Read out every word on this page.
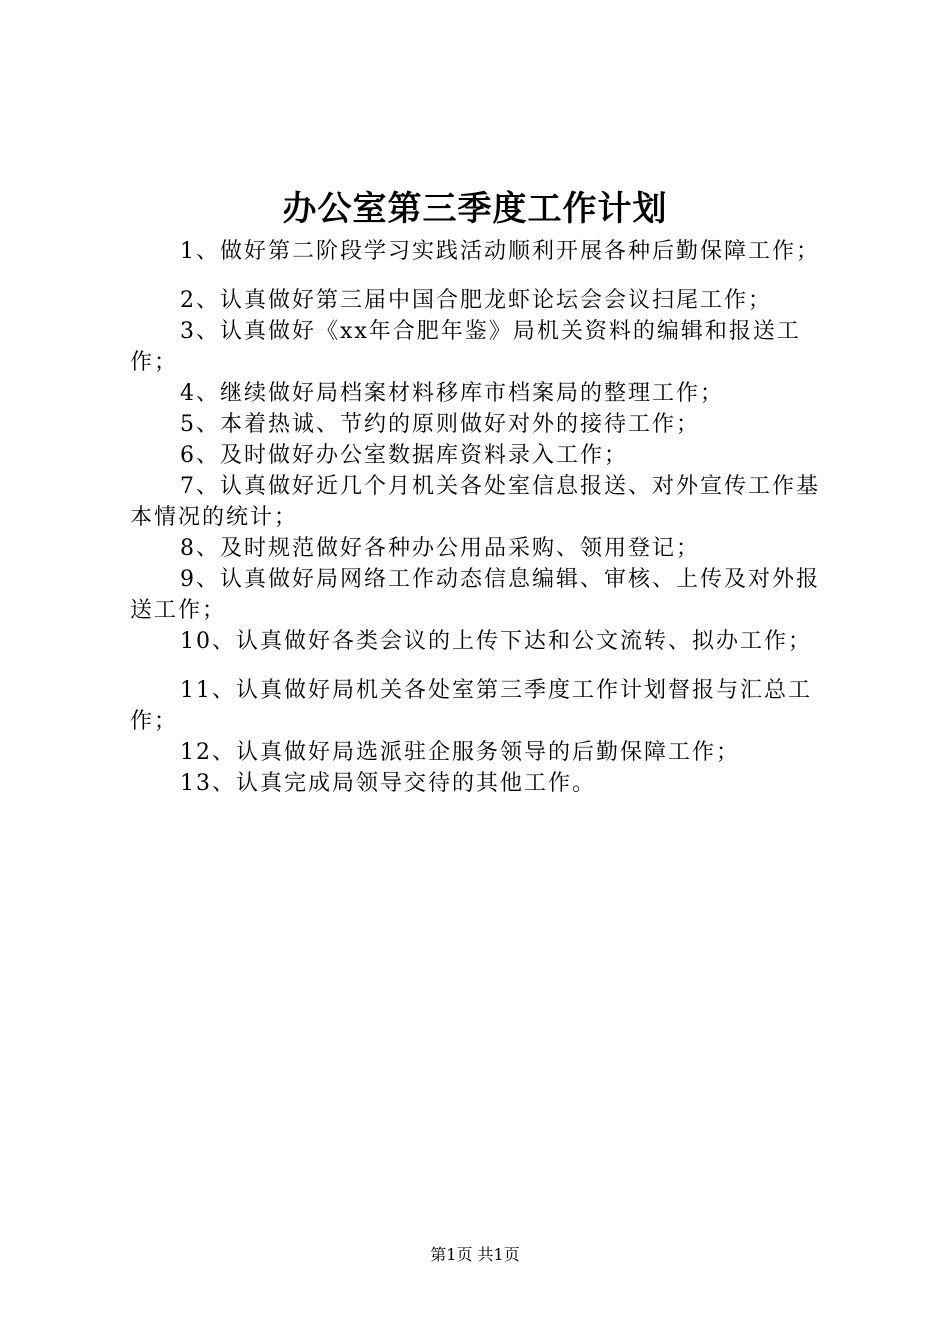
办公室第三季度工作计划

1、做好第二阶段学习实践活动顺利开展各种后勤保障工作；

2、认真做好第三届中国合肥龙虾论坛会会议扫尾工作；

3、认真做好《xx年合肥年鉴》局机关资料的编辑和报送工作；

4、继续做好局档案材料移库市档案局的整理工作；

5、本着热诚、节约的原则做好对外的接待工作；

6、及时做好办公室数据库资料录入工作；

7、认真做好近几个月机关各处室信息报送、对外宣传工作基本情况的统计；

8、及时规范做好各种办公用品采购、领用登记；

9、认真做好局网络工作动态信息编辑、审核、上传及对外报送工作；

10、认真做好各类会议的上传下达和公文流转、拟办工作；

11、认真做好局机关各处室第三季度工作计划督报与汇总工作；

12、认真做好局选派驻企服务领导的后勤保障工作；

13、认真完成局领导交待的其他工作。

第1页 共1页
